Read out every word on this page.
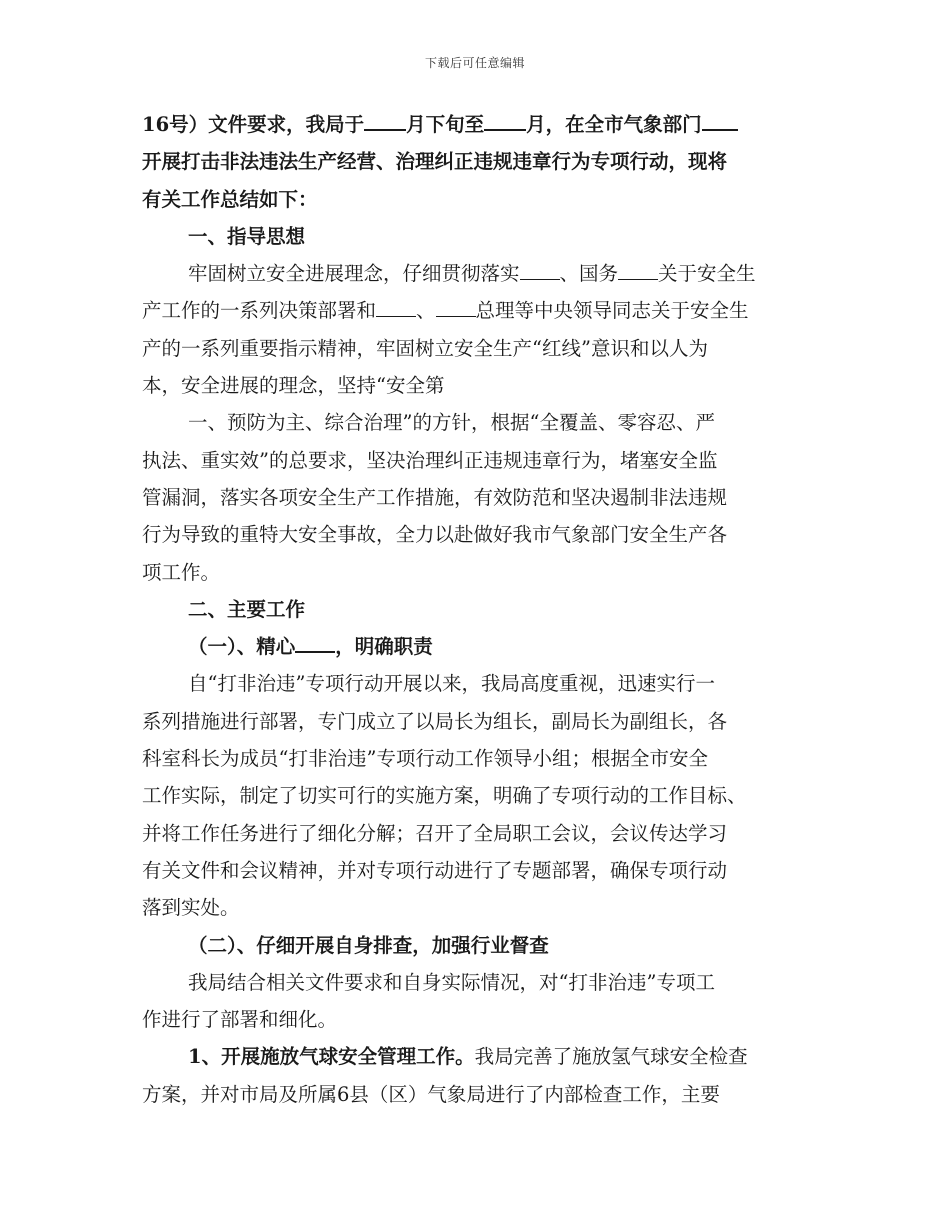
下载后可任意编辑
16号）文件要求，我局于 月下旬至 月，在全市气象部门
开展打击非法违法生产经营、治理纠正违规违章行为专项行动，现将
有关工作总结如下：
一、指导思想
牢固树立安全进展理念，仔细贯彻落实 、国务 关于安全生
产工作的一系列决策部署和 、 总理等中央领导同志关于安全生
产的一系列重要指示精神，牢固树立安全生产“红线”意识和以人为
本，安全进展的理念，坚持“安全第
一、预防为主、综合治理”的方针，根据“全覆盖、零容忍、严
执法、重实效”的总要求，坚决治理纠正违规违章行为，堵塞安全监
管漏洞，落实各项安全生产工作措施，有效防范和坚决遏制非法违规
行为导致的重特大安全事故，全力以赴做好我市气象部门安全生产各
项工作。
二、主要工作
（一）、精心 ，明确职责
自“打非治违”专项行动开展以来，我局高度重视，迅速实行一
系列措施进行部署，专门成立了以局长为组长，副局长为副组长，各
科室科长为成员“打非治违”专项行动工作领导小组；根据全市安全
工作实际，制定了切实可行的实施方案，明确了专项行动的工作目标、
并将工作任务进行了细化分解；召开了全局职工会议，会议传达学习
有关文件和会议精神，并对专项行动进行了专题部署，确保专项行动
落到实处。
（二）、仔细开展自身排查，加强行业督查
我局结合相关文件要求和自身实际情况，对“打非治违”专项工
作进行了部署和细化。
1、开展施放气球安全管理工作。我局完善了施放氢气球安全检查
方案，并对市局及所属6县（区）气象局进行了内部检查工作，主要
